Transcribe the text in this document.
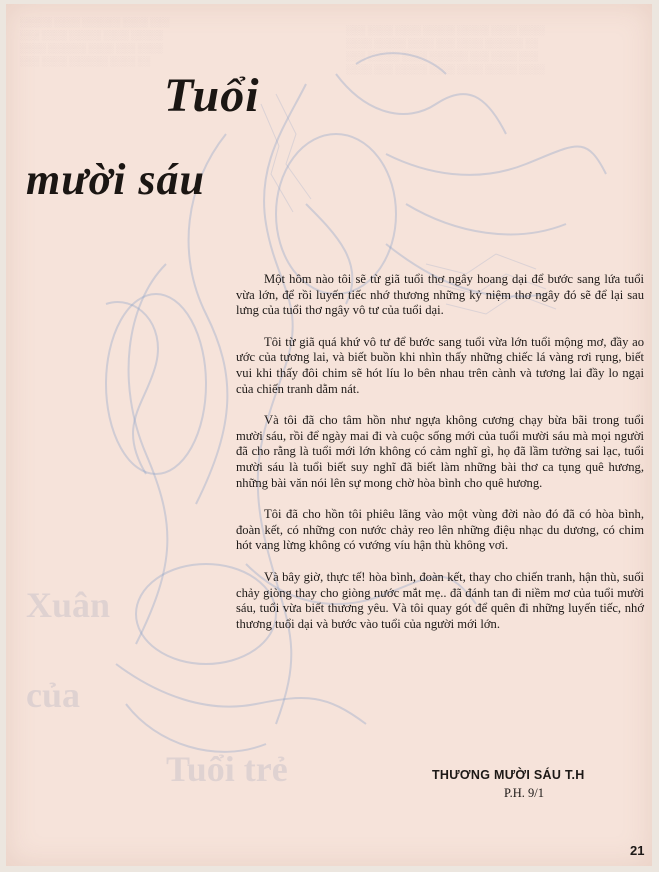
░░░░░ ░░░░ ░░░░░░ ░░░░ ░░░
░░░ ░░░░ ░░░░░ ░░░░ ░░░░░
░░░░ ░░░░░░ ░░░░ ░░░ ░░░░
░░░ ░░░░ ░░░░░░ ░░░░ ░░
░░░ ░░░░ ░░░░ ░░░░░ ░░░░░ ░░░░ ░░░░
░░░░ ░░░░░ ░░░░ ░░░ ░░░░ ░░░░░░ ░░
░░░ ░░░░░ ░░░░ ░░░░░░ ░░░ ░░░░ ░░░
░░░░ ░░░ ░░░░░ ░░░░ ░░░░ ░░░░░ ░░░░
Xuân
của
Tuổi trẻ
Tuổi
mười sáu

Một hôm nào tôi sẽ từ giã tuổi thơ ngây hoang dại để bước sang lứa tuổi vừa lớn, để rồi luyến tiếc nhớ thương những kỷ niệm thơ ngây đó sẽ để lại sau lưng của tuổi thơ ngây vô tư của tuổi dại.

Tôi từ giã quá khứ vô tư để bước sang tuổi vừa lớn tuổi mộng mơ, đầy ao ước của tương lai, và biết buồn khi nhìn thấy những chiếc lá vàng rơi rụng, biết vui khi thấy đôi chim sẽ hót líu lo bên nhau trên cành và tương lai đầy lo ngại của chiến tranh dằm nát.

Và tôi đã cho tâm hồn như ngựa không cương chạy bừa bãi trong tuổi mười sáu, rồi để ngày mai đi và cuộc sống mới của tuổi mười sáu mà mọi người đã cho rằng là tuổi mới lớn không có cảm nghĩ gì, họ đã lầm tưởng sai lạc, tuổi mười sáu là tuổi biết suy nghĩ đã biết làm những bài thơ ca tụng quê hương, những bài văn nói lên sự mong chờ hòa bình cho quê hương.

Tôi đã cho hồn tôi phiêu lãng vào một vùng đời nào đó đã có hòa bình, đoàn kết, có những con nước chảy reo lên những điệu nhạc du dương, có chim hót vang lừng không có vướng víu hận thù không vơi.

Và bây giờ, thực tế! hòa bình, đoàn kết, thay cho chiến tranh, hận thù, suối chảy giòng thay cho giòng nước mắt mẹ.. đã đánh tan đi niềm mơ của tuổi mười sáu, tuổi vừa biết thương yêu. Và tôi quay gót để quên đi những luyến tiếc, nhớ thương tuổi dại và bước vào tuổi của người mới lớn.

THƯƠNG MƯỜI SÁU T.H
P.H. 9/1
21
